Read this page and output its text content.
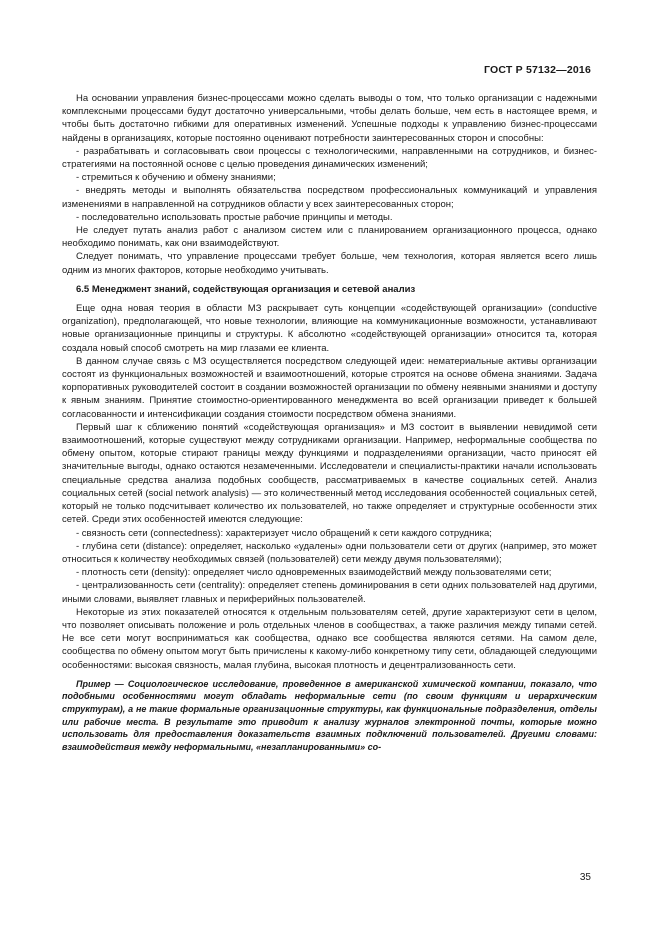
ГОСТ Р 57132—2016

На основании управления бизнес-процессами можно сделать выводы о том, что только организации с надежными комплексными процессами будут достаточно универсальными, чтобы делать больше, чем есть в настоящее время, и чтобы быть достаточно гибкими для оперативных изменений. Успешные подходы к управлению бизнес-процессами найдены в организациях, которые постоянно оценивают потребности заинтересованных сторон и способны:

- разрабатывать и согласовывать свои процессы с технологическими, направленными на сотрудников, и бизнес-стратегиями на постоянной основе с целью проведения динамических изменений;

- стремиться к обучению и обмену знаниями;

- внедрять методы и выполнять обязательства посредством профессиональных коммуникаций и управления изменениями в направленной на сотрудников области у всех заинтересованных сторон;

- последовательно использовать простые рабочие принципы и методы.

Не следует путать анализ работ с анализом систем или с планированием организационного процесса, однако необходимо понимать, как они взаимодействуют.

Следует понимать, что управление процессами требует больше, чем технология, которая является всего лишь одним из многих факторов, которые необходимо учитывать.

6.5 Менеджмент знаний, содействующая организация и сетевой анализ

Еще одна новая теория в области МЗ раскрывает суть концепции «содействующей организации» (conductive organization), предполагающей, что новые технологии, влияющие на коммуникационные возможности, устанавливают новые организационные принципы и структуры. К абсолютно «содействующей организации» относится та, которая создала новый способ смотреть на мир глазами ее клиента.

В данном случае связь с МЗ осуществляется посредством следующей идеи: нематериальные активы организации состоят из функциональных возможностей и взаимоотношений, которые строятся на основе обмена знаниями. Задача корпоративных руководителей состоит в создании возможностей организации по обмену неявными знаниями и доступу к явным знаниям. Принятие стоимостно-ориентированного менеджмента во всей организации приведет к большей согласованности и интенсификации создания стоимости посредством обмена знаниями.

Первый шаг к сближению понятий «содействующая организация» и МЗ состоит в выявлении невидимой сети взаимоотношений, которые существуют между сотрудниками организации. Например, неформальные сообщества по обмену опытом, которые стирают границы между функциями и подразделениями организации, часто приносят ей значительные выгоды, однако остаются незамеченными. Исследователи и специалисты-практики начали использовать специальные средства анализа подобных сообществ, рассматриваемых в качестве социальных сетей. Анализ социальных сетей (social network analysis) — это количественный метод исследования особенностей социальных сетей, который не только подсчитывает количество их пользователей, но также определяет и структурные особенности этих сетей. Среди этих особенностей имеются следующие:

- связность сети (connectedness): характеризует число обращений к сети каждого сотрудника;

- глубина сети (distance): определяет, насколько «удалены» одни пользователи сети от других (например, это может относиться к количеству необходимых связей (пользователей) сети между двумя пользователями);

- плотность сети (density): определяет число одновременных взаимодействий между пользователями сети;

- централизованность сети (centrality): определяет степень доминирования в сети одних пользователей над другими, иными словами, выявляет главных и периферийных пользователей.

Некоторые из этих показателей относятся к отдельным пользователям сетей, другие характеризуют сети в целом, что позволяет описывать положение и роль отдельных членов в сообществах, а также различия между типами сетей. Не все сети могут восприниматься как сообщества, однако все сообщества являются сетями. На самом деле, сообщества по обмену опытом могут быть причислены к какому-либо конкретному типу сети, обладающей следующими особенностями: высокая связность, малая глубина, высокая плотность и децентрализованность сети.

Пример — Социологическое исследование, проведенное в американской химической компании, показало, что подобными особенностями могут обладать неформальные сети (по своим функциям и иерархическим структурам), а не такие формальные организационные структуры, как функциональные подразделения, отделы или рабочие места. В результате это приводит к анализу журналов электронной почты, которые можно использовать для предоставления доказательств взаимных подключений пользователей. Другими словами: взаимодействия между неформальными, «незапланированными» со-

35
